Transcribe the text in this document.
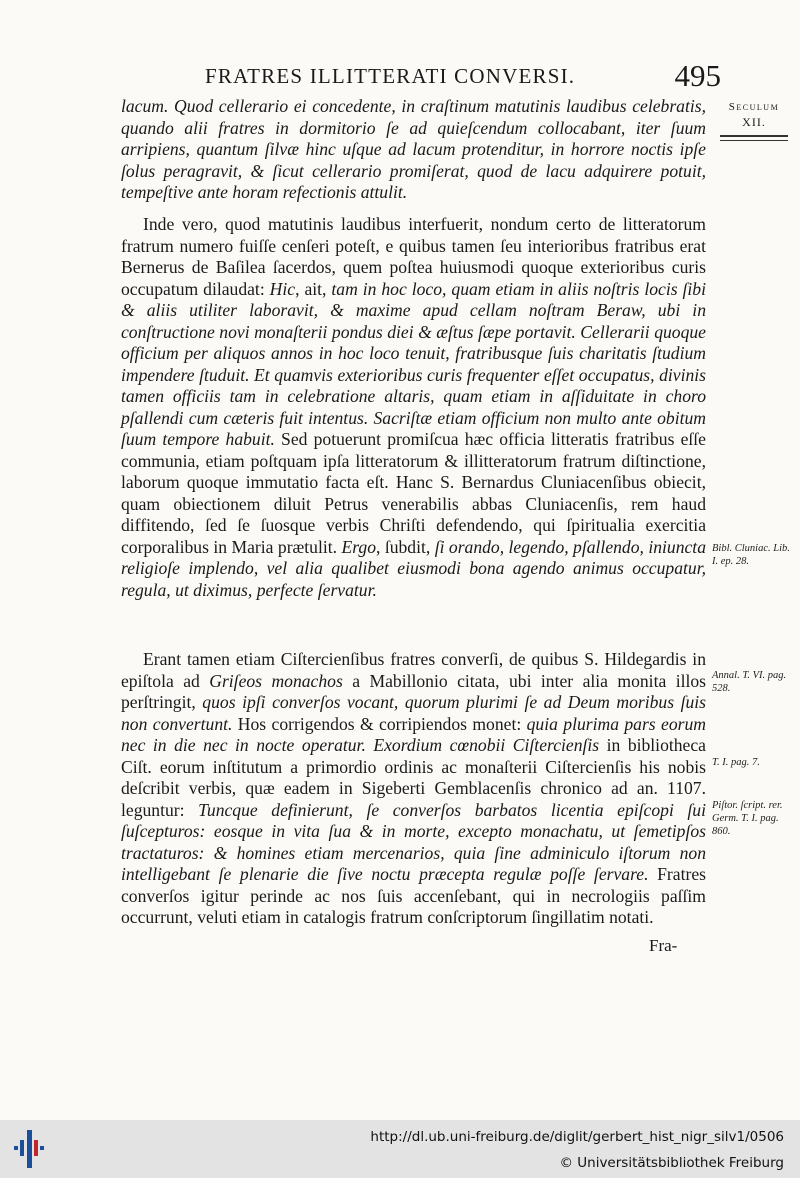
FRATRES ILLITTERATI CONVERSI.	495
Seculum
XII.
lacum. Quod cellerario ei concedente, in craſtinum matutinis laudibus celebratis, quando alii fratres in dormitorio ſe ad quieſcendum collocabant, iter ſuum arripiens, quantum ſilvæ hinc uſque ad lacum protenditur, in horrore noctis ipſe ſolus peragravit, & ſicut cellerario promiſerat, quod de lacu adquirere potuit, tempeſtive ante horam refectionis attulit.
Inde vero, quod matutinis laudibus interfuerit, nondum certo de litteratorum fratrum numero fuiſſe cenſeri poteſt, e quibus tamen ſeu interioribus fratribus erat Bernerus de Baſilea ſacerdos, quem poſtea huiusmodi quoque exterioribus curis occupatum dilaudat: Hic, ait, tam in hoc loco, quam etiam in aliis noſtris locis ſibi & aliis utiliter laboravit, & maxime apud cellam noſtram Beraw, ubi in conſtructione novi monaſterii pondus diei & æſtus ſæpe portavit. Cellerarii quoque officium per aliquos annos in hoc loco tenuit, fratribusque ſuis charitatis ſtudium impendere ſtuduit. Et quamvis exterioribus curis frequenter eſſet occupatus, divinis tamen officiis tam in celebratione altaris, quam etiam in aſſiduitate in choro pſallendi cum cæteris fuit intentus. Sacriſtæ etiam officium non multo ante obitum ſuum tempore habuit. Sed potuerunt promiſcua hæc officia litteratis fratribus eſſe communia, etiam poſtquam ipſa litteratorum & illitteratorum fratrum diſtinctione, laborum quoque immutatio facta eſt. Hanc S. Bernardus Cluniacenſibus obiecit, quam obiectionem diluit Petrus venerabilis abbas Cluniacenſis, rem haud diffitendo, ſed ſe ſuosque verbis Chriſti defendendo, qui ſpiritualia exercitia corporalibus in Maria prætulit. Ergo, ſubdit, ſi orando, legendo, pſallendo, iniuncta religioſe implendo, vel alia qualibet eiusmodi bona agendo animus occupatur, regula, ut diximus, perfecte ſervatur.
Erant tamen etiam Ciſtercienſibus fratres converſi, de quibus S. Hildegardis in epiſtola ad Griſeos monachos a Mabillonio citata, ubi inter alia monita illos perſtringit, quos ipſi converſos vocant, quorum plurimi ſe ad Deum moribus ſuis non convertunt. Hos corrigendos & corripiendos monet: quia plurima pars eorum nec in die nec in nocte operatur. Exordium cœnobii Ciſtercienſis in bibliotheca Ciſt. eorum inſtitutum a primordio ordinis ac monaſterii Ciſtercienſis his nobis deſcribit verbis, quæ eadem in Sigeberti Gemblacenſis chronico ad an. 1107. leguntur: Tuncque definierunt, ſe converſos barbatos licentia epiſcopi ſui ſuſcepturos: eosque in vita ſua & in morte, excepto monachatu, ut ſemetipſos tractaturos: & homines etiam mercenarios, quia ſine adminiculo iſtorum non intelligebant ſe plenarie die ſive noctu præcepta regulæ poſſe ſervare. Fratres converſos igitur perinde ac nos ſuis accenſebant, qui in necrologiis paſſim occurrunt, veluti etiam in catalogis fratrum conſcriptorum ſingillatim notati.
Bibl. Cluniac. Lib. I. ep. 28.
Annal. T. VI. pag. 528.
T. I. pag. 7.
Piſtor. ſcript. rer. Germ. T. I. pag. 860.
Fra-
http://dl.ub.uni-freiburg.de/diglit/gerbert_hist_nigr_silv1/0506
© Universitätsbibliothek Freiburg
